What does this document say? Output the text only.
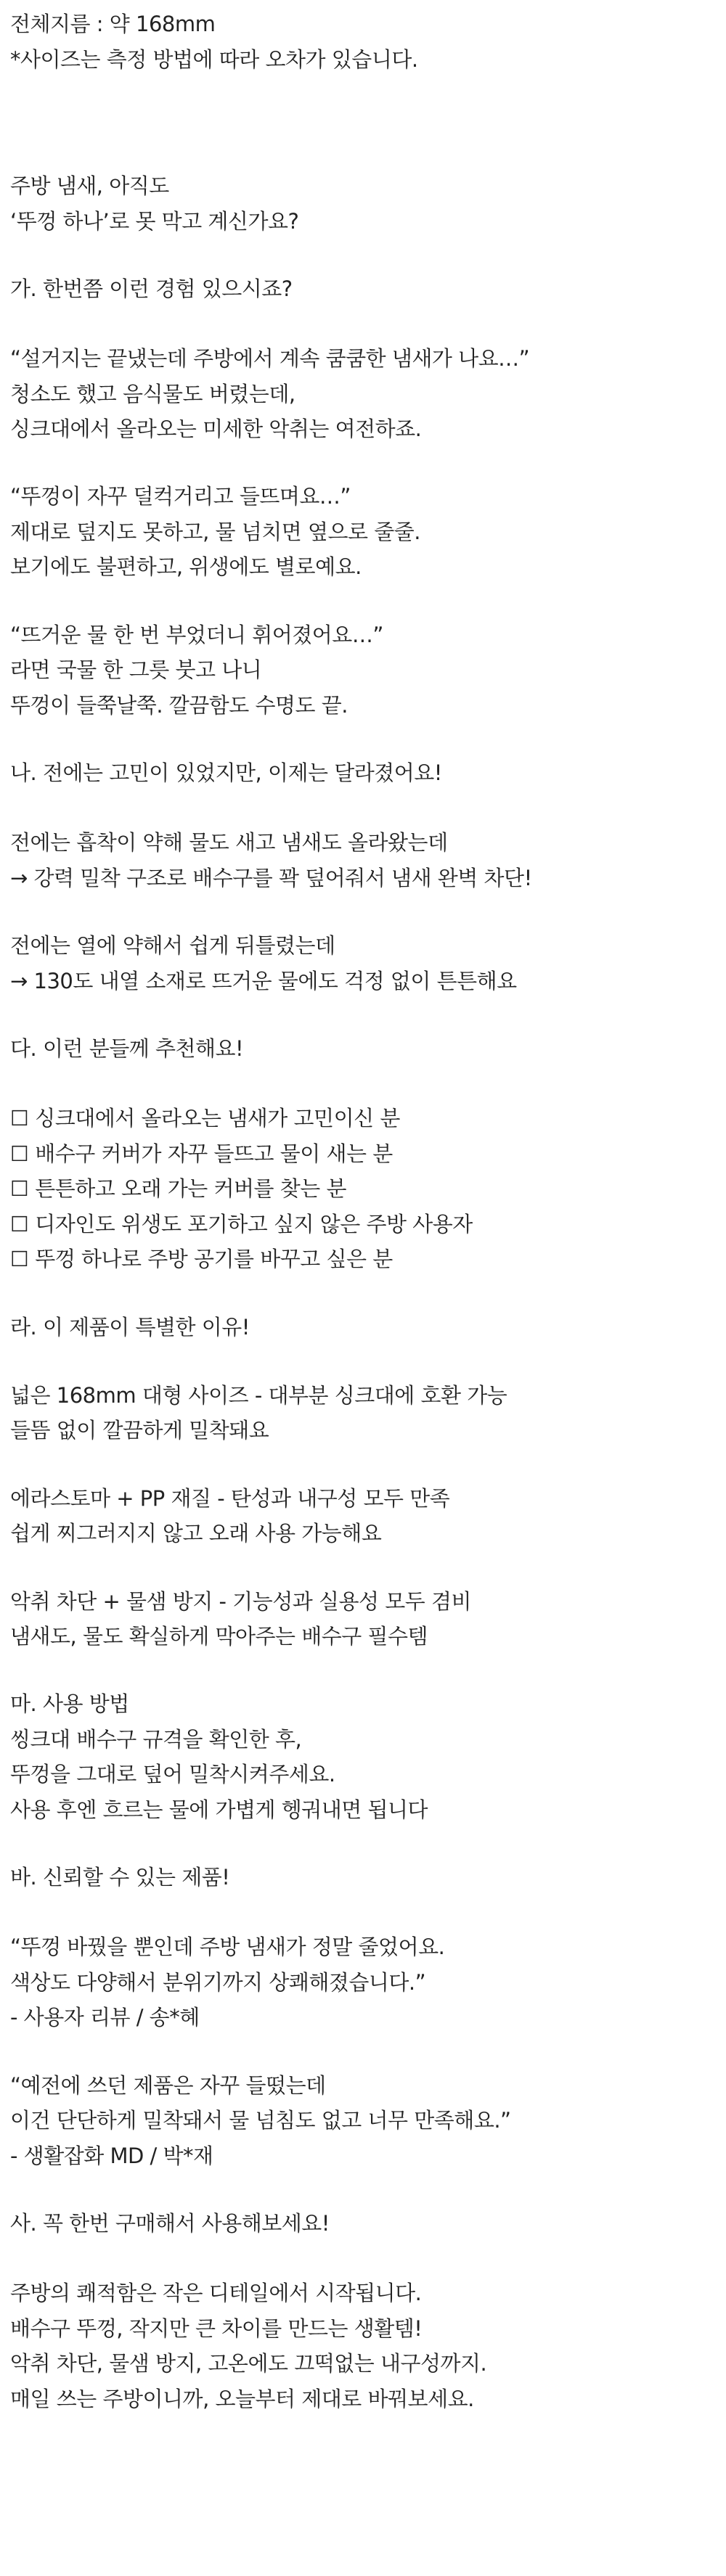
전체지름 : 약 168mm
*사이즈는 측정 방법에 따라 오차가 있습니다.
주방 냄새, 아직도
‘뚜껑 하나’로 못 막고 계신가요?
가. 한번쯤 이런 경험 있으시죠?
“설거지는 끝냈는데 주방에서 계속 쿰쿰한 냄새가 나요…”
청소도 했고 음식물도 버렸는데,
싱크대에서 올라오는 미세한 악취는 여전하죠.
“뚜껑이 자꾸 덜컥거리고 들뜨며요…”
제대로 덮지도 못하고, 물 넘치면 옆으로 줄줄.
보기에도 불편하고, 위생에도 별로예요.
“뜨거운 물 한 번 부었더니 휘어졌어요…”
라면 국물 한 그릇 붓고 나니
뚜껑이 들쭉날쭉. 깔끔함도 수명도 끝.
나. 전에는 고민이 있었지만, 이제는 달라졌어요!
전에는 흡착이 약해 물도 새고 냄새도 올라왔는데
→ 강력 밀착 구조로 배수구를 꽉 덮어줘서 냄새 완벽 차단!
전에는 열에 약해서 쉽게 뒤틀렸는데
→ 130도 내열 소재로 뜨거운 물에도 걱정 없이 튼튼해요
다. 이런 분들께 추천해요!
☐ 싱크대에서 올라오는 냄새가 고민이신 분
☐ 배수구 커버가 자꾸 들뜨고 물이 새는 분
☐ 튼튼하고 오래 가는 커버를 찾는 분
☐ 디자인도 위생도 포기하고 싶지 않은 주방 사용자
☐ 뚜껑 하나로 주방 공기를 바꾸고 싶은 분
라. 이 제품이 특별한 이유!
넓은 168mm 대형 사이즈 - 대부분 싱크대에 호환 가능
들뜸 없이 깔끔하게 밀착돼요
에라스토마 + PP 재질 - 탄성과 내구성 모두 만족
쉽게 찌그러지지 않고 오래 사용 가능해요
악취 차단 + 물샘 방지 - 기능성과 실용성 모두 겸비
냄새도, 물도 확실하게 막아주는 배수구 필수템
마. 사용 방법
씽크대 배수구 규격을 확인한 후,
뚜껑을 그대로 덮어 밀착시켜주세요.
사용 후엔 흐르는 물에 가볍게 헹궈내면 됩니다
바. 신뢰할 수 있는 제품!
“뚜껑 바꿨을 뿐인데 주방 냄새가 정말 줄었어요.
색상도 다양해서 분위기까지 상쾌해졌습니다.”
- 사용자 리뷰 / 송*혜
“예전에 쓰던 제품은 자꾸 들떴는데
이건 단단하게 밀착돼서 물 넘침도 없고 너무 만족해요.”
- 생활잡화 MD / 박*재
사. 꼭 한번 구매해서 사용해보세요!
주방의 쾌적함은 작은 디테일에서 시작됩니다.
배수구 뚜껑, 작지만 큰 차이를 만드는 생활템!
악취 차단, 물샘 방지, 고온에도 끄떡없는 내구성까지.
매일 쓰는 주방이니까, 오늘부터 제대로 바꿔보세요.
